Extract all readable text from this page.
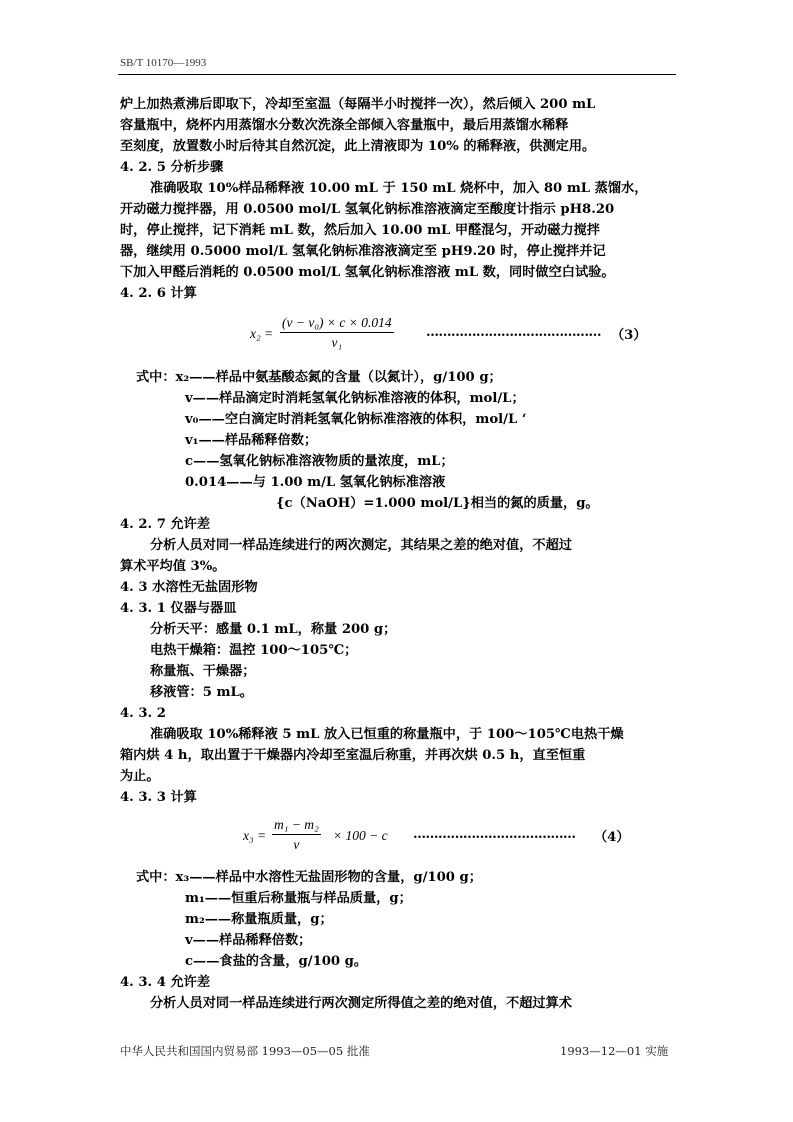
SB/T 10170—1993
炉上加热煮沸后即取下，冷却至室温（每隔半小时搅拌一次），然后倾入 200 mL
容量瓶中，烧杯内用蒸馏水分数次洗涤全部倾入容量瓶中，最后用蒸馏水稀释
至刻度，放置数小时后待其自然沉淀，此上清液即为 10% 的稀释液，供测定用。
4. 2. 5 分析步骤
准确吸取 10%样品稀释液 10.00 mL 于 150 mL 烧杯中，加入 80 mL 蒸馏水，
开动磁力搅拌器，用 0.0500 mol/L 氢氧化钠标准溶液滴定至酸度计指示 pH8.20
时，停止搅拌，记下消耗 mL 数，然后加入 10.00 mL 甲醛混匀，开动磁力搅拌
器，继续用 0.5000 mol/L 氢氧化钠标准溶液滴定至 pH9.20 时，停止搅拌并记
下加入甲醛后消耗的 0.0500 mol/L 氢氧化钠标准溶液 mL 数，同时做空白试验。
4. 2. 6 计算
$x_2 = \frac{\text{(v − v₀) × c × 0.014}}{\text{v₁}}$ …………………………………… （3）
式中：x₂——样品中氨基酸态氮的含量（以氮计），g/100 g；
v——样品滴定时消耗氢氧化钠标准溶液的体积，mol/L；
v₀——空白滴定时消耗氢氧化钠标准溶液的体积，mol/L ‘
v₁——样品稀释倍数；
c——氢氧化钠标准溶液物质的量浓度，mL；
0.014——与 1.00 m/L 氢氧化钠标准溶液
{c（NaOH）=1.000 mol/L}相当的氮的质量，g。
4. 2. 7 允许差
分析人员对同一样品连续进行的两次测定，其结果之差的绝对值，不超过
算术平均值 3%。
4. 3 水溶性无盐固形物
4. 3. 1 仪器与器皿
分析天平：感量 0.1 mL，称量 200 g；
电热干燥箱：温控 100～105℃；
称量瓶、干燥器；
移液管：5 mL。
4. 3. 2
准确吸取 10%稀释液 5 mL 放入已恒重的称量瓶中，于 100～105℃电热干燥
箱内烘 4 h，取出置于干燥器内冷却至室温后称重，并再次烘 0.5 h，直至恒重
为止。
4. 3. 3 计算
$x_3 = \frac{\text{m₁ − m₂}}{v} \times 100 - c$ ………………………………… （4）
式中：x₃——样品中水溶性无盐固形物的含量，g/100 g；
m₁——恒重后称量瓶与样品质量，g；
m₂——称量瓶质量，g；
v——样品稀释倍数；
c——食盐的含量，g/100 g。
4. 3. 4 允许差
分析人员对同一样品连续进行两次测定所得值之差的绝对值，不超过算术
中华人民共和国国内贸易部 1993—05—05 批准	1993—12—01 实施
